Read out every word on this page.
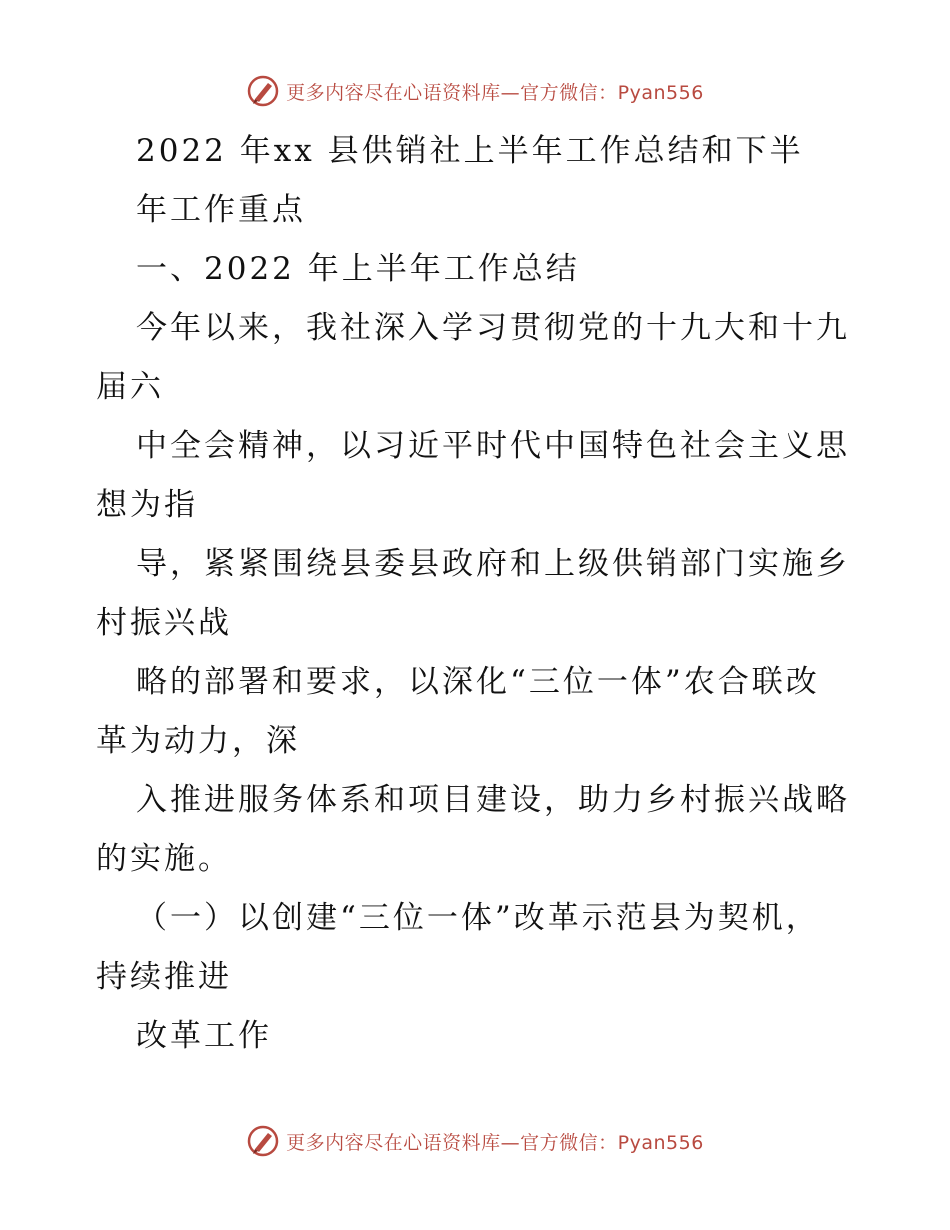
更多内容尽在心语资料库—官方微信：Pyan556
2022 年xx 县供销社上半年工作总结和下半
年工作重点
一、2022 年上半年工作总结
今年以来，我社深入学习贯彻党的十九大和十九
届六
中全会精神，以习近平时代中国特色社会主义思
想为指
导，紧紧围绕县委县政府和上级供销部门实施乡
村振兴战
略的部署和要求，以深化“三位一体”农合联改
革为动力，深
入推进服务体系和项目建设，助力乡村振兴战略
的实施。
（一）以创建“三位一体”改革示范县为契机，
持续推进
改革工作
更多内容尽在心语资料库—官方微信：Pyan556
